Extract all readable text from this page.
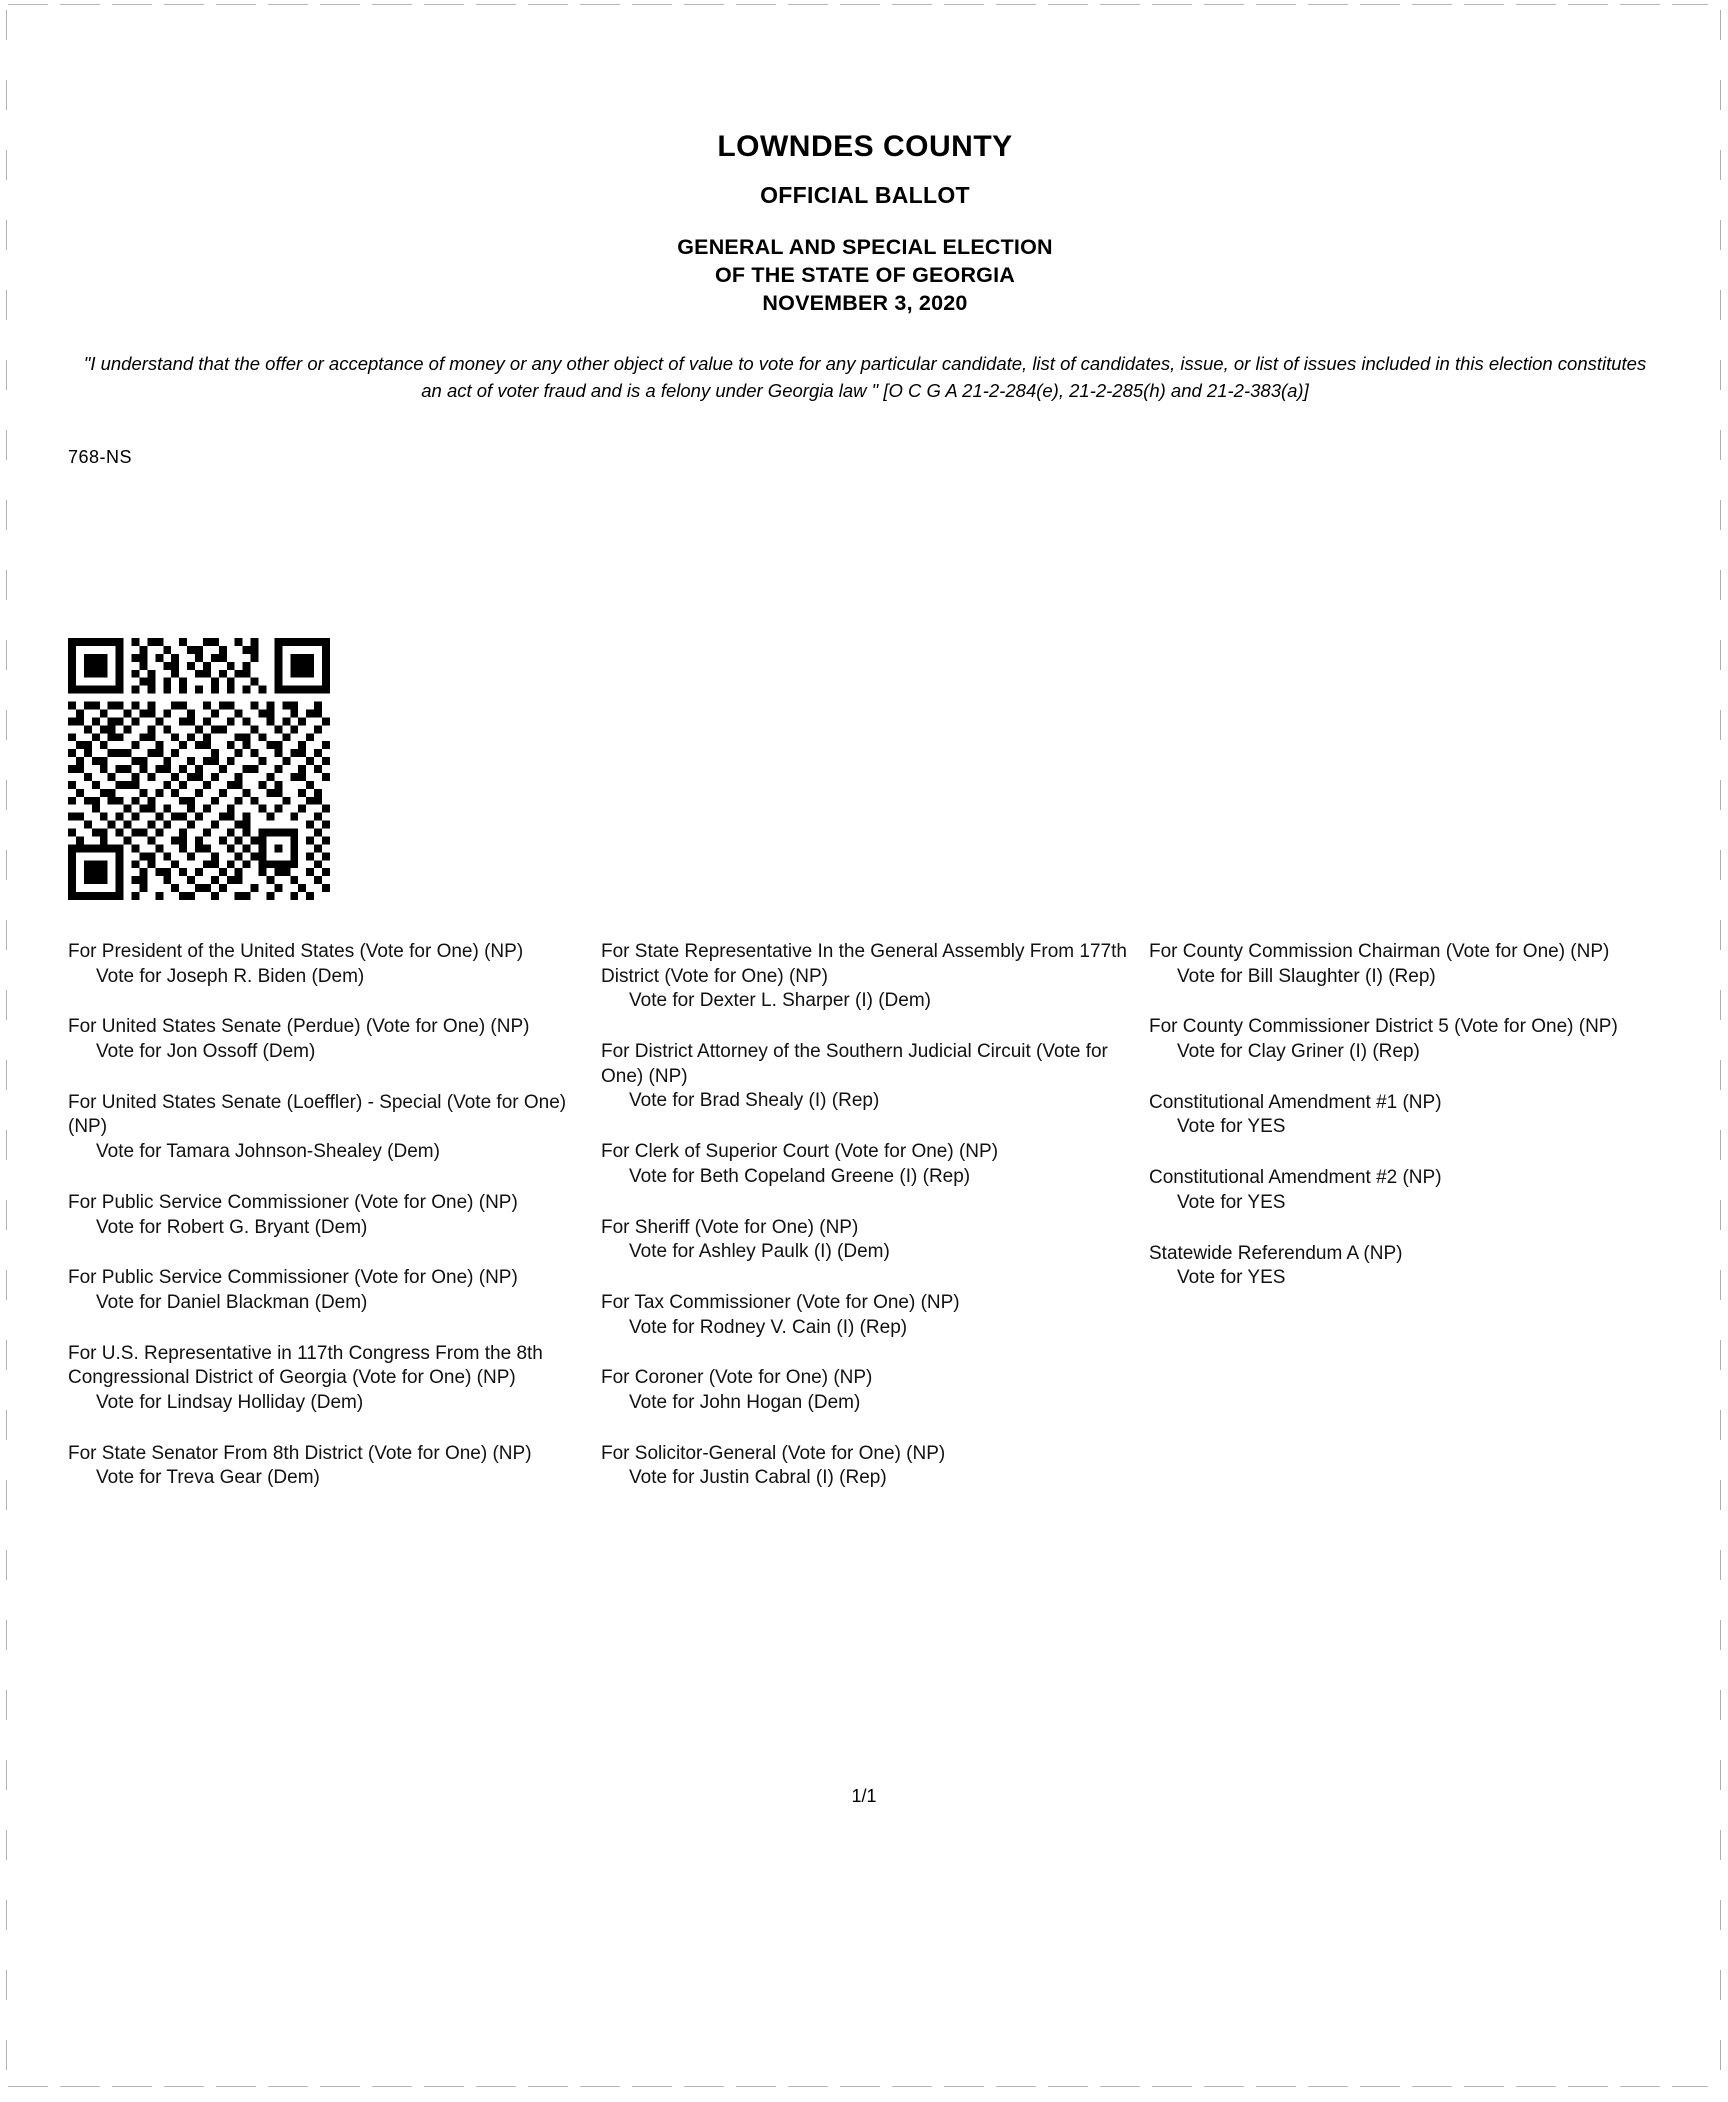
LOWNDES COUNTY
OFFICIAL BALLOT
GENERAL AND SPECIAL ELECTION
OF THE STATE OF GEORGIA
NOVEMBER 3, 2020
"I understand that the offer or acceptance of money or any other object of value to vote for any particular candidate, list of candidates, issue, or list of issues included in this election constitutes an act of voter fraud and is a felony under Georgia law " [O C G A 21-2-284(e), 21-2-285(h) and 21-2-383(a)]
768-NS
For President of the United States (Vote for One) (NP)
Vote for Joseph R. Biden (Dem)
For United States Senate (Perdue) (Vote for One) (NP)
Vote for Jon Ossoff (Dem)
For United States Senate (Loeffler) - Special (Vote for One) (NP)
Vote for Tamara Johnson-Shealey (Dem)
For Public Service Commissioner (Vote for One) (NP)
Vote for Robert G. Bryant (Dem)
For Public Service Commissioner (Vote for One) (NP)
Vote for Daniel Blackman (Dem)
For U.S. Representative in 117th Congress From the 8th Congressional District of Georgia (Vote for One) (NP)
Vote for Lindsay Holliday (Dem)
For State Senator From 8th District (Vote for One) (NP)
Vote for Treva Gear (Dem)
For State Representative In the General Assembly From 177th District (Vote for One) (NP)
Vote for Dexter L. Sharper (I) (Dem)
For District Attorney of the Southern Judicial Circuit (Vote for One) (NP)
Vote for Brad Shealy (I) (Rep)
For Clerk of Superior Court (Vote for One) (NP)
Vote for Beth Copeland Greene (I) (Rep)
For Sheriff (Vote for One) (NP)
Vote for Ashley Paulk (I) (Dem)
For Tax Commissioner (Vote for One) (NP)
Vote for Rodney V. Cain (I) (Rep)
For Coroner (Vote for One) (NP)
Vote for John Hogan (Dem)
For Solicitor-General (Vote for One) (NP)
Vote for Justin Cabral (I) (Rep)
For County Commission Chairman (Vote for One) (NP)
Vote for Bill Slaughter (I) (Rep)
For County Commissioner District 5 (Vote for One) (NP)
Vote for Clay Griner (I) (Rep)
Constitutional Amendment #1 (NP)
Vote for YES
Constitutional Amendment #2 (NP)
Vote for YES
Statewide Referendum A (NP)
Vote for YES
1/1
